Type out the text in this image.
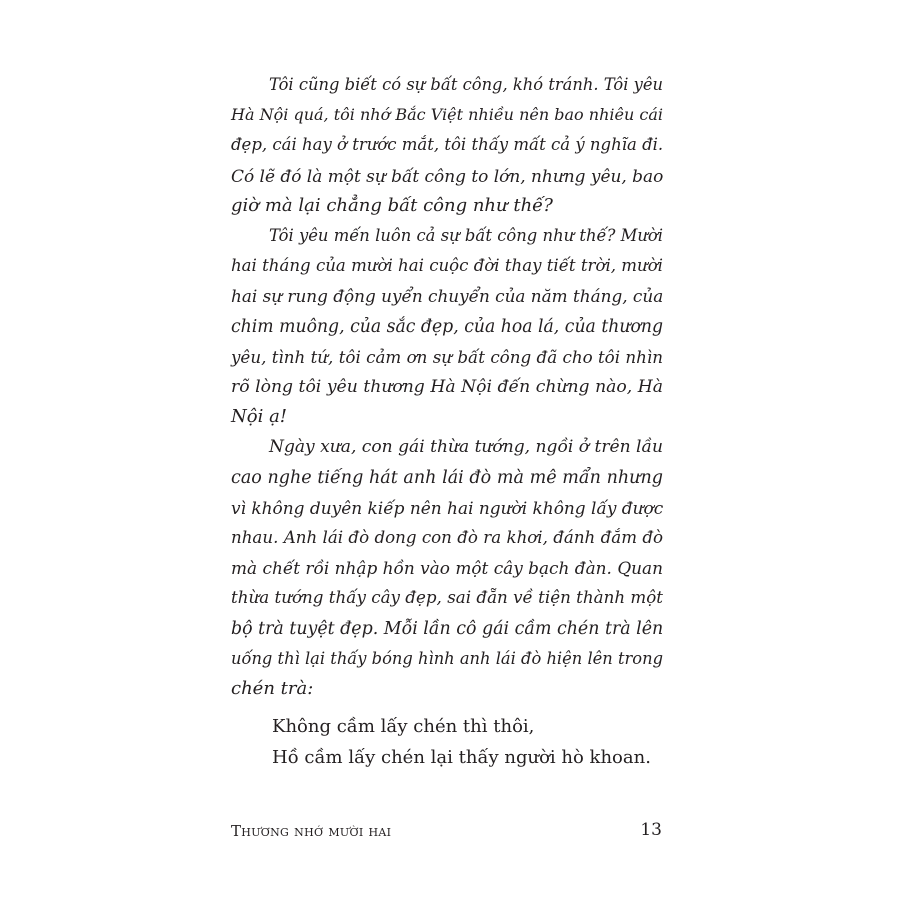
Tôi cũng biết có sự bất công, khó tránh. Tôi yêu
Hà Nội quá, tôi nhớ Bắc Việt nhiều nên bao nhiêu cái
đẹp, cái hay ở trước mắt, tôi thấy mất cả ý nghĩa đi.
Có lẽ đó là một sự bất công to lớn, nhưng yêu, bao
giờ mà lại chẳng bất công như thế?

Tôi yêu mến luôn cả sự bất công như thế? Mười
hai tháng của mười hai cuộc đời thay tiết trời, mười
hai sự rung động uyển chuyển của năm tháng, của
chim muông, của sắc đẹp, của hoa lá, của thương
yêu, tình tứ, tôi cảm ơn sự bất công đã cho tôi nhìn
rõ lòng tôi yêu thương Hà Nội đến chừng nào, Hà
Nội ạ!

Ngày xưa, con gái thừa tướng, ngồi ở trên lầu
cao nghe tiếng hát anh lái đò mà mê mẩn nhưng
vì không duyên kiếp nên hai người không lấy được
nhau. Anh lái đò dong con đò ra khơi, đánh đắm đò
mà chết rồi nhập hồn vào một cây bạch đàn. Quan
thừa tướng thấy cây đẹp, sai đẵn về tiện thành một
bộ trà tuyệt đẹp. Mỗi lần cô gái cầm chén trà lên
uống thì lại thấy bóng hình anh lái đò hiện lên trong
chén trà:

Không cầm lấy chén thì thôi,
Hồ cầm lấy chén lại thấy người hò khoan.
Thương nhớ mười hai	13
